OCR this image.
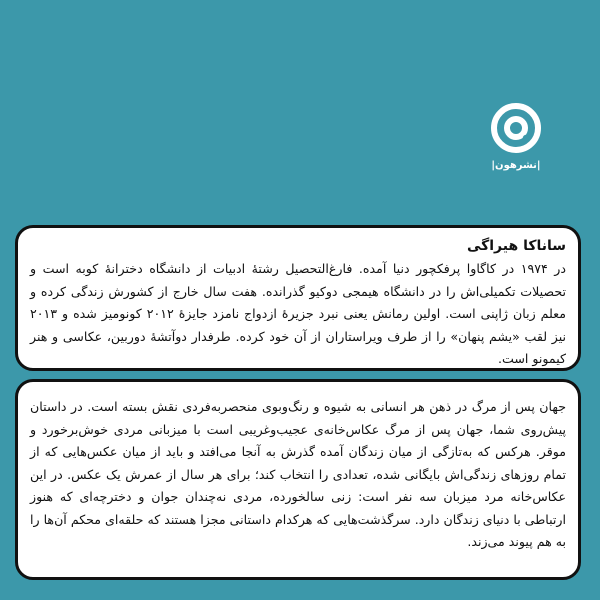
|نشرهون|
ساناکا هیراگی

در ۱۹۷۴ در کاگاوا پرفکچور دنیا آمده. فارغ‌التحصیل رشتهٔ ادبیات از دانشگاه دخترانهٔ کوبه است و تحصیلات تکمیلی‌اش را در دانشگاه هیمجی دوکیو گذرانده. هفت سال خارج از کشورش زندگی کرده و معلم زبان ژاپنی است. اولین رمانش یعنی نبرد جزیرهٔ ازدواج نامزد جایزهٔ ۲۰۱۲ کونومیز شده و ۲۰۱۳ نیز لقب «یشم پنهان» را از طرف ویراستاران از آن خود کرده. طرفدار دوآتشهٔ دوربین، عکاسی و هنر کیمونو است.

جهان پس از مرگ در ذهن هر انسانی به شیوه و رنگ‌وبوی منحصربه‌فردی نقش بسته است. در داستان پیش‌روی شما، جهان پس از مرگ عکاس‌خانه‌ی عجیب‌وغریبی است با میزبانی مردی خوش‌برخورد و موقر. هرکس که به‌تازگی از میان زندگان آمده گذرش به آنجا می‌افتد و باید از میان عکس‌هایی که از تمام روزهای زندگی‌اش بایگانی شده، تعدادی را انتخاب کند؛ برای هر سال از عمرش یک عکس. در این عکاس‌خانه مرد میزبان سه نفر است: زنی سالخورده، مردی نه‌چندان جوان و دخترچه‌ای که هنوز ارتباطی با دنیای زندگان دارد. سرگذشت‌هایی که هرکدام داستانی مجزا هستند که حلقه‌ای محکم آن‌ها را به هم پیوند می‌زند.
